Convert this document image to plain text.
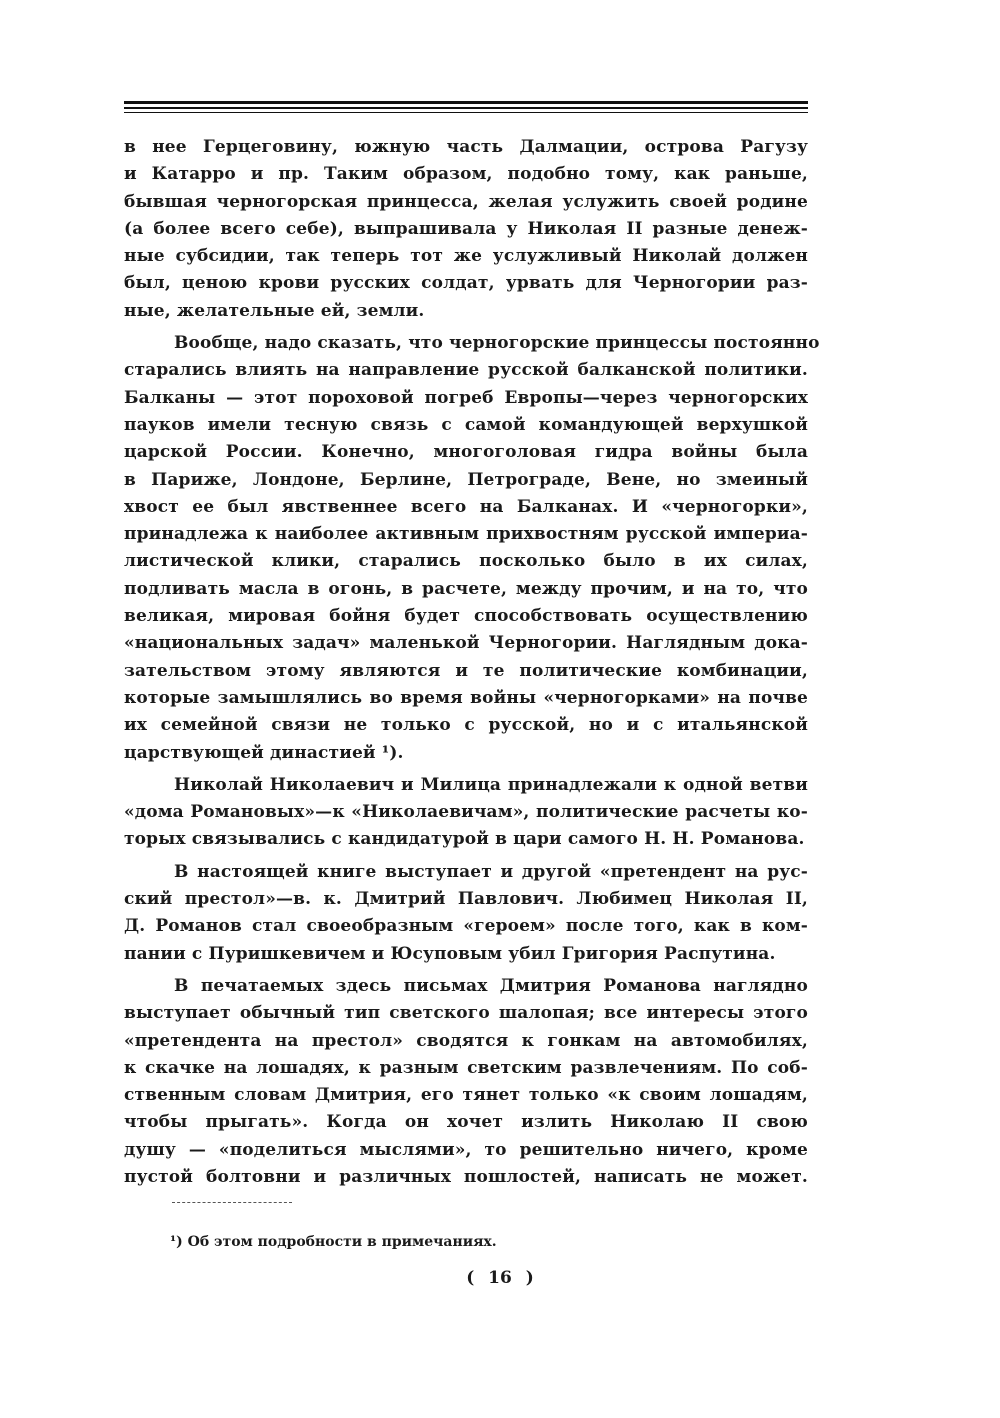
в нее Герцеговину, южную часть Далмации, острова Рагузу
и Катарро и пр. Таким образом, подобно тому, как раньше,
бывшая черногорская принцесса, желая услужить своей родине
(а более всего себе), выпрашивала у Николая II разные денеж-
ные субсидии, так теперь тот же услужливый Николай должен
был, ценою крови русских солдат, урвать для Черногории раз-
ные, желательные ей, земли.
Вообще, надо сказать, что черногорские принцессы постоянно
старались влиять на направление русской балканской политики.
Балканы — этот пороховой погреб Европы—через черногорских
пауков имели тесную связь с самой командующей верхушкой
царской России. Конечно, многоголовая гидра войны была
в Париже, Лондоне, Берлине, Петрограде, Вене, но змеиный
хвост ее был явственнее всего на Балканах. И «черногорки»,
принадлежа к наиболее активным прихвостням русской империа-
листической клики, старались посколько было в их силах,
подливать масла в огонь, в расчете, между прочим, и на то, что
великая, мировая бойня будет способствовать осуществлению
«национальных задач» маленькой Черногории. Наглядным дока-
зательством этому являются и те политические комбинации,
которые замышлялись во время войны «черногорками» на почве
их семейной связи не только с русской, но и с итальянской
царствующей династией ¹).
Николай Николаевич и Милица принадлежали к одной ветви
«дома Романовых»—к «Николаевичам», политические расчеты ко-
торых связывались с кандидатурой в цари самого Н. Н. Романова.
В настоящей книге выступает и другой «претендент на рус-
ский престол»—в. к. Дмитрий Павлович. Любимец Николая II,
Д. Романов стал своеобразным «героем» после того, как в ком-
пании с Пуришкевичем и Юсуповым убил Григория Распутина.
В печатаемых здесь письмах Дмитрия Романова наглядно
выступает обычный тип светского шалопая; все интересы этого
«претендента на престол» сводятся к гонкам на автомобилях,
к скачке на лошадях, к разным светским развлечениям. По соб-
ственным словам Дмитрия, его тянет только «к своим лошадям,
чтобы прыгать». Когда он хочет излить Николаю II свою
душу — «поделиться мыслями», то решительно ничего, кроме
пустой болтовни и различных пошлостей, написать не может.
¹) Об этом подробности в примечаниях.
( 16 )
